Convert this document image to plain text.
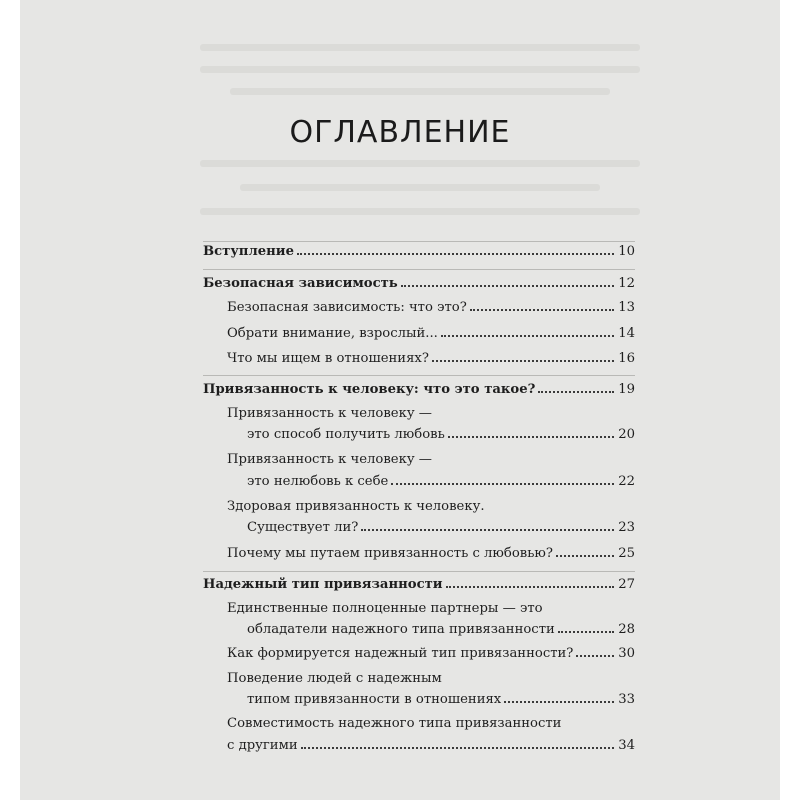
ОГЛАВЛЕНИЕ
Вступление	10
Безопасная зависимость	12
Безопасная зависимость: что это?	13
Обрати внимание, взрослый...	14
Что мы ищем в отношениях?	16
Привязанность к человеку: что это такое?	19
Привязанность к человеку —
это способ получить любовь	20
Привязанность к человеку —
это нелюбовь к себе	22
Здоровая привязанность к человеку.
Существует ли?	23
Почему мы путаем привязанность с любовью?	25
Надежный тип привязанности	27
Единственные полноценные партнеры — это
обладатели надежного типа привязанности	28
Как формируется надежный тип привязанности?	30
Поведение людей с надежным
типом привязанности в отношениях	33
Совместимость надежного типа привязанности
с другими	34
